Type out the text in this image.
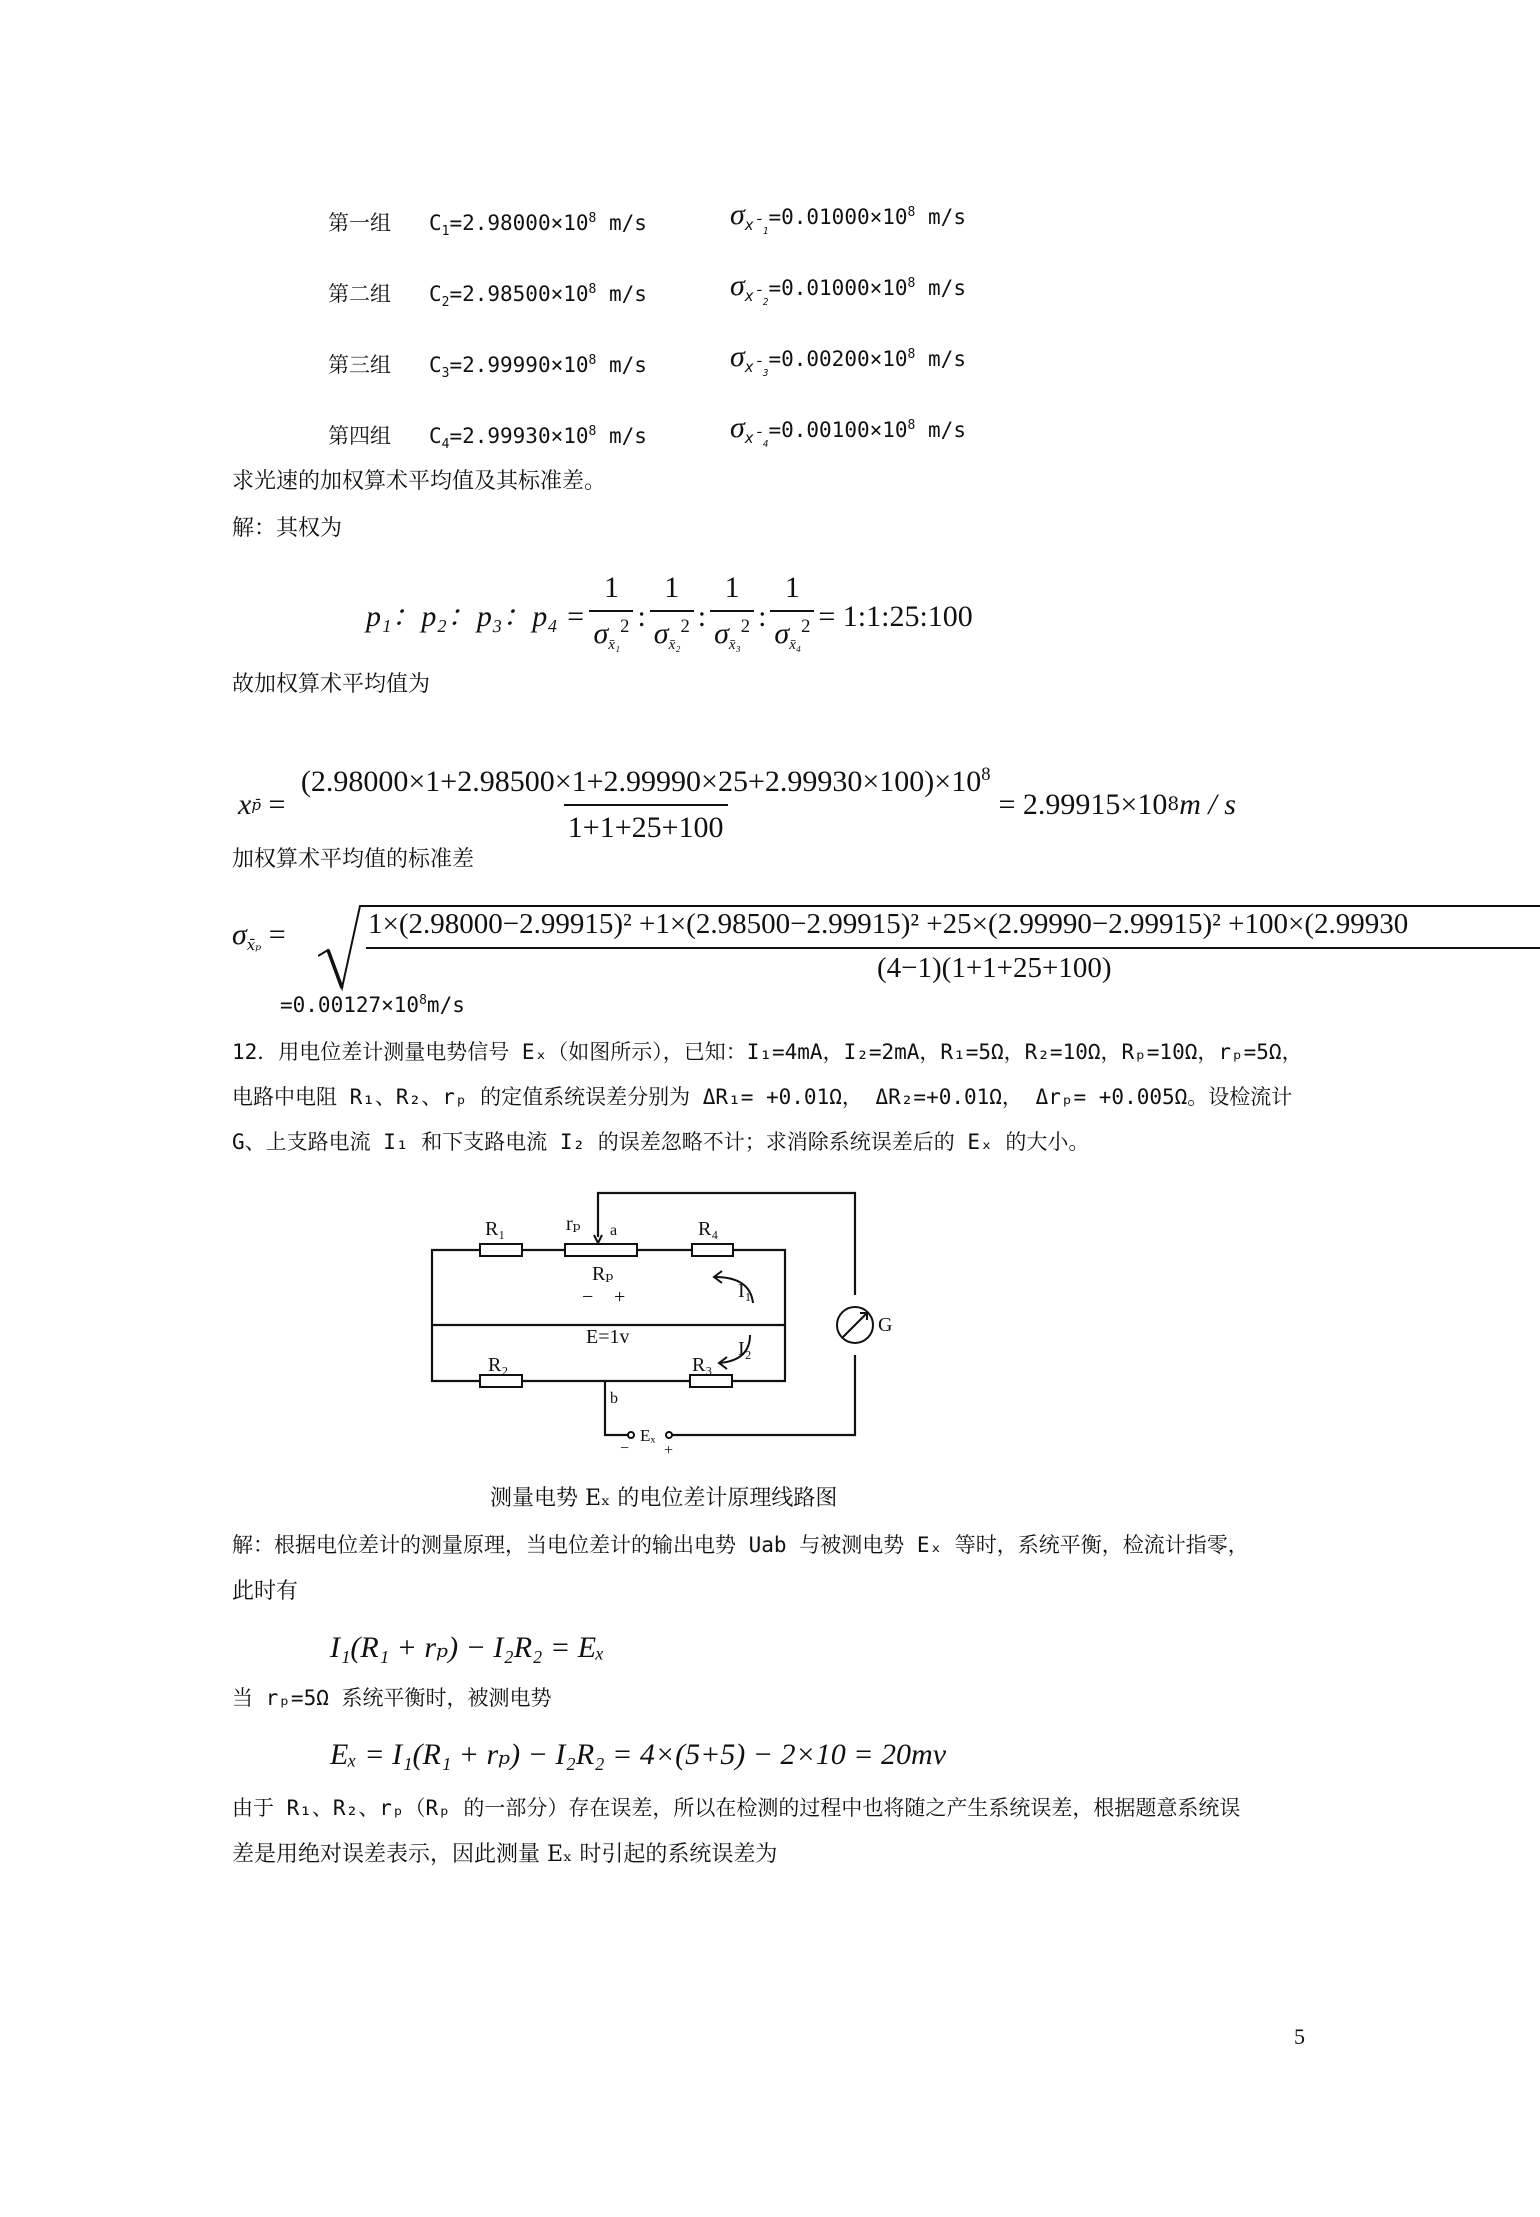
第一组 $C_1=2.98000\times 10^8$ m/s	$\sigma_{x̄_1}=0.01000\times 10^8$ m/s
第二组 $C_2=2.98500\times 10^8$ m/s	$\sigma_{x̄_2}=0.01000\times 10^8$ m/s
第三组 $C_3=2.99990\times 10^8$ m/s	$\sigma_{x̄_3}=0.00200\times 10^8$ m/s
第四组 $C_4=2.99930\times 10^8$ m/s	$\sigma_{x̄_4}=0.00100\times 10^8$ m/s
求光速的加权算术平均值及其标准差。
解：其权为
p₁：p₂：p₃：$p_4 = \frac{1}{\sigma_{x̄_1}^2}$ : $\frac{1}{\sigma_{x̄_2}^2}$ : $\frac{1}{\sigma_{x̄_3}^2}$ : $\frac{1}{\sigma_{x̄_4}^2}$ = 1:1:25:100
故加权算术平均值为
x p̄ = $\frac{(2.98000\times 1+2.98500\times 1+2.99990\times 25+2.99930\times 100)\times 10^8}{1+1+25+100} = 2.99915\times 10$ 8 m / s
加权算术平均值的标准差
$\sigma_{x̄_p}$ =	1×(2.98000−2.99915)² +1×(2.98500−2.99915)² +25×(2.99990−2.99915)² +100×(2.99930
(4−1)(1+1+25+100)
$=0.00127\times 10^8m/s$
12．用电位差计测量电势信号 Eₓ（如图所示），已知：I₁=4mA，I₂=2mA，R₁=5Ω，R₂=10Ω，Rₚ=10Ω，rₚ=5Ω，
电路中电阻 R₁、R₂、rₚ 的定值系统误差分别为 ΔR₁= +0.01Ω， ΔR₂=+0.01Ω， Δrₚ= +0.005Ω。设检流计
G、上支路电流 I₁ 和下支路电流 I₂ 的误差忽略不计；求消除系统误差后的 Eₓ 的大小。
R₁	rₚ a	R₄
Rₚ
− +
E=1v
I₁
I₂
R₂	R₃
b
G
Eₓ
− +
测量电势 Eₓ 的电位差计原理线路图
解：根据电位差计的测量原理，当电位差计的输出电势 Uab 与被测电势 Eₓ 等时，系统平衡，检流计指零，
此时有
I₁(R₁ + rₚ) − I₂R₂ = Eₓ
当 rₚ=5Ω 系统平衡时，被测电势
Eₓ = I₁(R₁ + rₚ) − I₂R₂ = 4×(5+5) − 2×10 = 20mv
由于 R₁、R₂、rₚ（Rₚ 的一部分）存在误差，所以在检测的过程中也将随之产生系统误差，根据题意系统误
差是用绝对误差表示，因此测量 Eₓ 时引起的系统误差为
5
